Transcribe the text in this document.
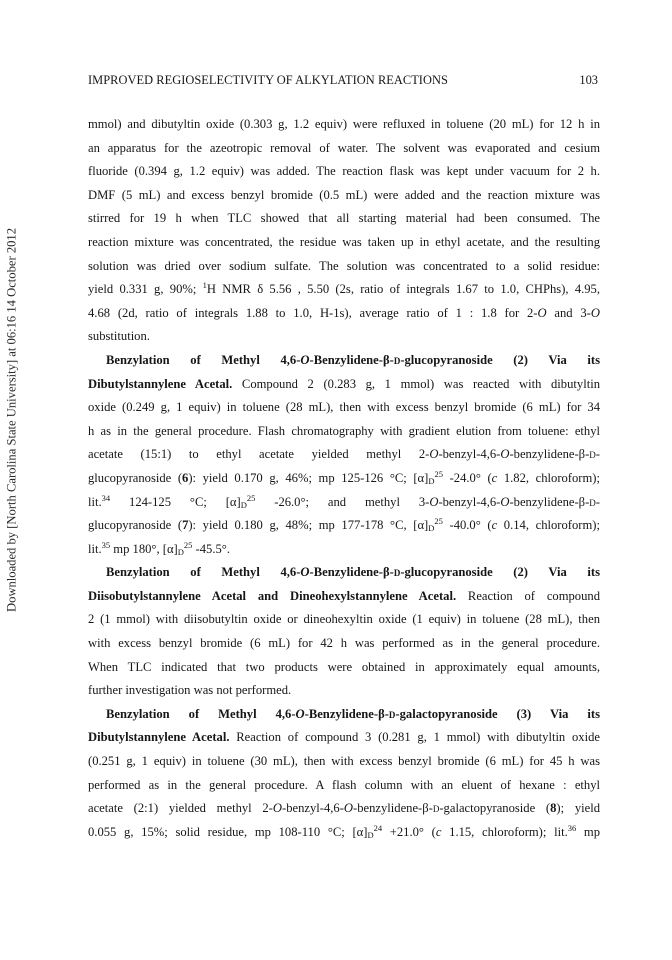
IMPROVED REGIOSELECTIVITY OF ALKYLATION REACTIONS	103
Downloaded by [North Carolina State University] at 06:16 14 October 2012
mmol) and dibutyltin oxide (0.303 g, 1.2 equiv) were refluxed in toluene (20 mL) for 12 h in
an apparatus for the azeotropic removal of water. The solvent was evaporated and cesium
fluoride (0.394 g, 1.2 equiv) was added. The reaction flask was kept under vacuum for 2 h.
DMF (5 mL) and excess benzyl bromide (0.5 mL) were added and the reaction mixture was
stirred for 19 h when TLC showed that all starting material had been consumed. The
reaction mixture was concentrated, the residue was taken up in ethyl acetate, and the resulting
solution was dried over sodium sulfate. The solution was concentrated to a solid residue:
yield 0.331 g, 90%; $^1$H NMR δ 5.56 , 5.50 (2s, ratio of integrals 1.67 to 1.0, CHPhs), 4.95,
4.68 (2d, ratio of integrals 1.88 to 1.0, H-1s), average ratio of 1 : 1.8 for 2-O and 3-O
substitution.
Benzylation of Methyl 4,6-O-Benzylidene-β-d-glucopyranoside (2) Via its
Dibutylstannylene Acetal. Compound 2 (0.283 g, 1 mmol) was reacted with dibutyltin
oxide (0.249 g, 1 equiv) in toluene (28 mL), then with excess benzyl bromide (6 mL) for 34
h as in the general procedure. Flash chromatography with gradient elution from toluene: ethyl
acetate (15:1) to ethyl acetate yielded methyl 2-O-benzyl-4,6-O-benzylidene-β-d-
glucopyranoside (6): yield 0.170 g, 46%; mp 125-126 °C; $[\alpha]_D^{25}$ -24.0° (c 1.82, chloroform);
lit.$^{34}$ 124-125 °C; $[\alpha]_D^{25}$ -26.0°; and methyl 3-O-benzyl-4,6-O-benzylidene-β-d-
glucopyranoside (7): yield 0.180 g, 48%; mp 177-178 °C, $[\alpha]_D^{25}$ -40.0° (c 0.14, chloroform);
lit.$^{35}$ mp 180°, $[\alpha]_D^{25}$ -45.5°.
Benzylation of Methyl 4,6-O-Benzylidene-β-d-glucopyranoside (2) Via its
Diisobutylstannylene Acetal and Dineohexylstannylene Acetal. Reaction of compound
2 (1 mmol) with diisobutyltin oxide or dineohexyltin oxide (1 equiv) in toluene (28 mL), then
with excess benzyl bromide (6 mL) for 42 h was performed as in the general procedure.
When TLC indicated that two products were obtained in approximately equal amounts,
further investigation was not performed.
Benzylation of Methyl 4,6-O-Benzylidene-β-d-galactopyranoside (3) Via its
Dibutylstannylene Acetal. Reaction of compound 3 (0.281 g, 1 mmol) with dibutyltin oxide
(0.251 g, 1 equiv) in toluene (30 mL), then with excess benzyl bromide (6 mL) for 45 h was
performed as in the general procedure. A flash column with an eluent of hexane : ethyl
acetate (2:1) yielded methyl 2-O-benzyl-4,6-O-benzylidene-β-d-galactopyranoside (8); yield
0.055 g, 15%; solid residue, mp 108-110 °C; $[\alpha]_D^{24} +21.0^\circ$ (c 1.15, chloroform); lit.$^{36}$ mp
